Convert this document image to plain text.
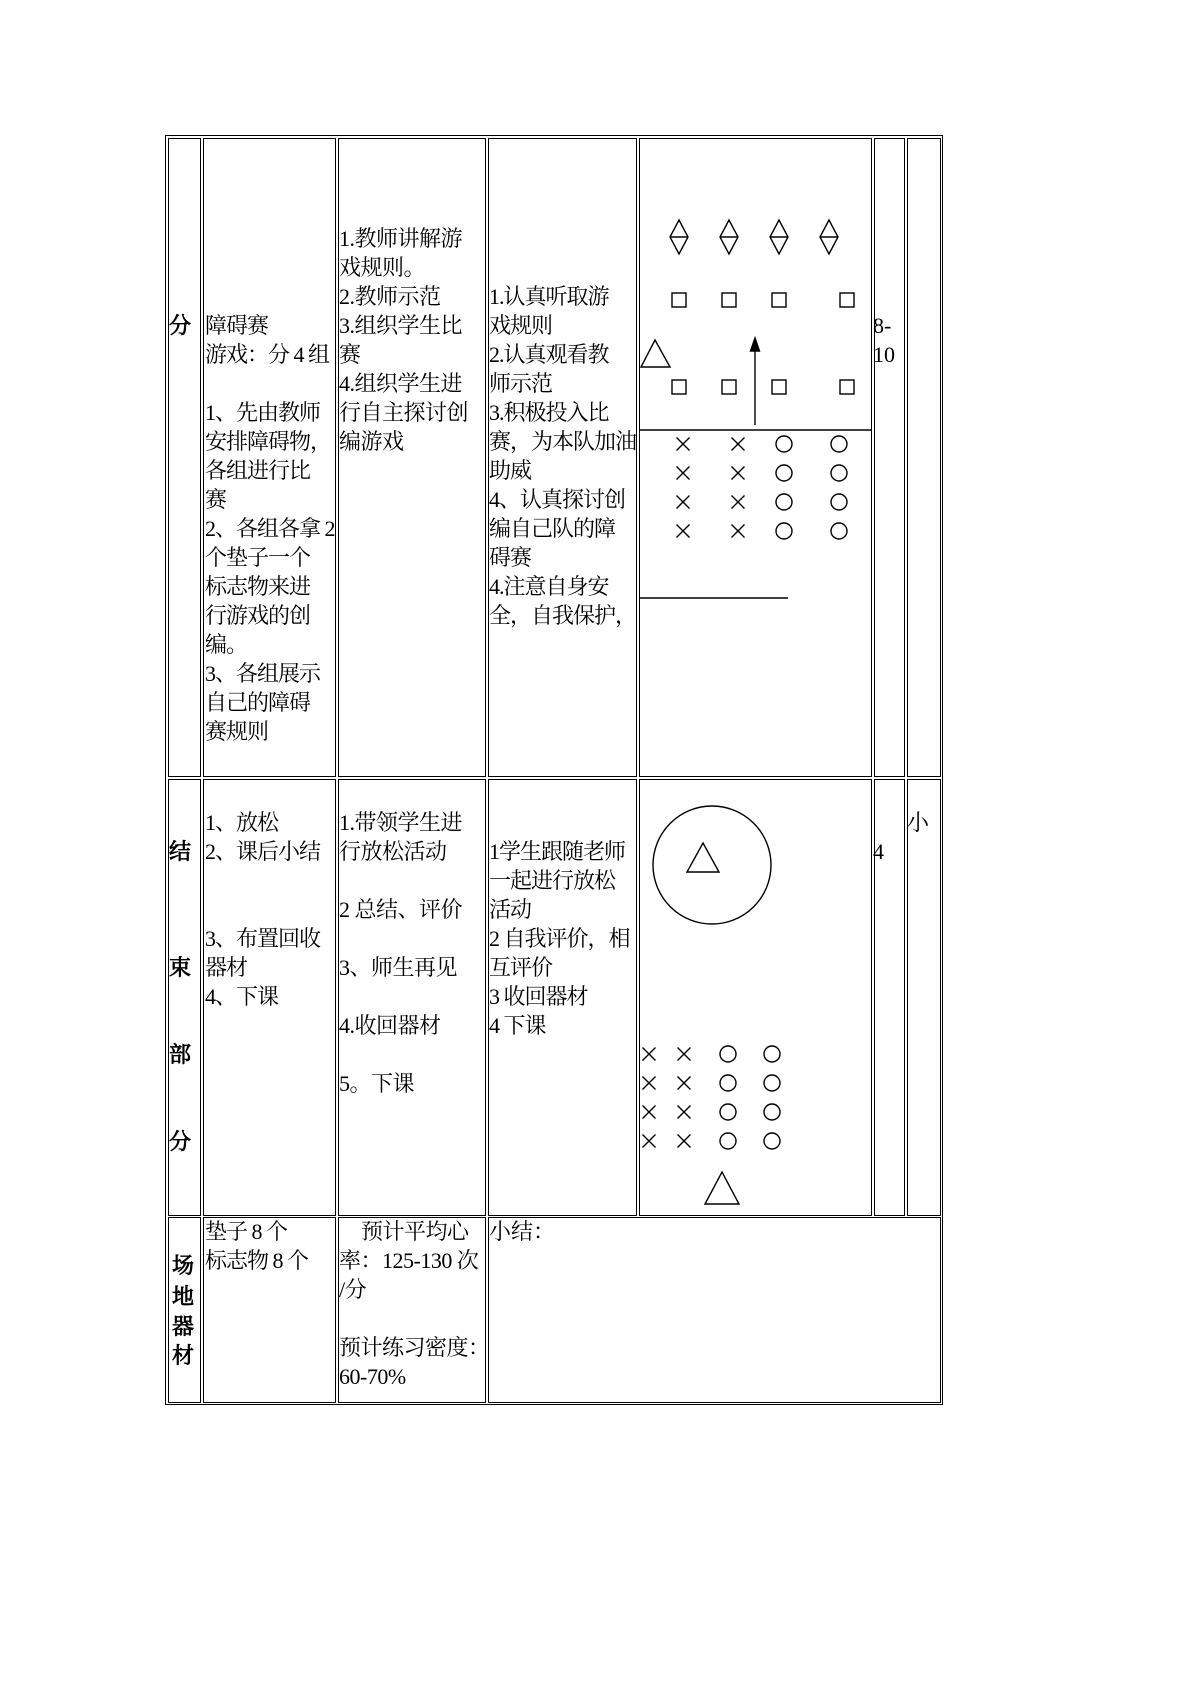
分 障碍赛
游戏：分 4 组

1、先由教师
安排障碍物，
各组进行比
赛
2、各组各拿 2
个垫子一个
标志物来进
行游戏的创
编。
3、各组展示
自己的障碍
赛规则
1.教师讲解游
戏规则。
2.教师示范
3.组织学生比
赛
4.组织学生进
行自主探讨创
编游戏
1.认真听取游
戏规则
2.认真观看教
师示范
3.积极投入比
赛，为本队加油
助威
4、认真探讨创
编自己队的障
碍赛
4.注意自身安
全，自我保护，
8-
10
结
束
部
分
1、放松
2、课后小结

3、布置回收
器材
4、下课
1.带领学生进
行放松活动

2 总结、评价

3、师生再见

4.收回器材

5。下课
1学生跟随老师
一起进行放松
活动
2 自我评价，相
互评价
3 收回器材
4 下课
4
小
场
地
器
材
垫子 8 个
标志物 8 个
预计平均心
率：125-130 次
/分

预计练习密度：
60-70%
小结：
